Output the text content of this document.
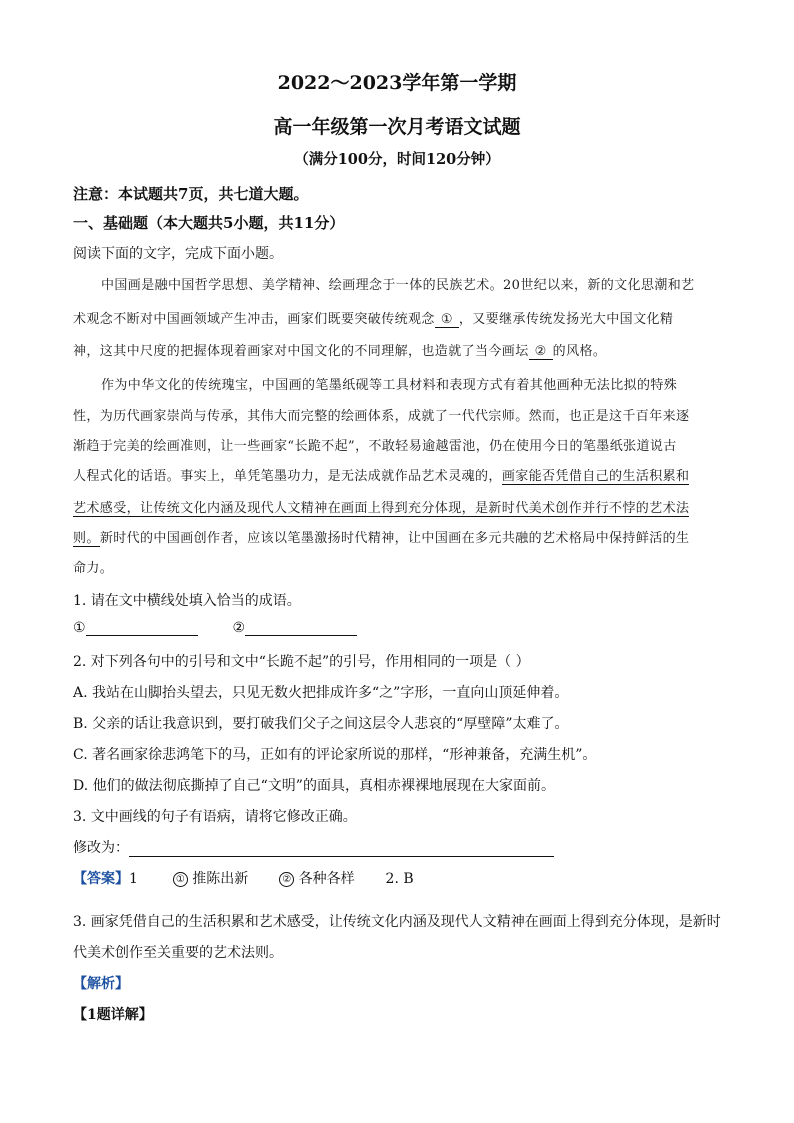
2022～2023学年第一学期
高一年级第一次月考语文试题
（满分100分，时间120分钟）
注意：本试题共7页，共七道大题。
一、基础题（本大题共5小题，共11分）
阅读下面的文字，完成下面小题。
中国画是融中国哲学思想、美学精神、绘画理念于一体的民族艺术。20世纪以来，新的文化思潮和艺
术观念不断对中国画领域产生冲击，画家们既要突破传统观念 ① ，又要继承传统发扬光大中国文化精
神，这其中尺度的把握体现着画家对中国文化的不同理解，也造就了当今画坛 ② 的风格。
作为中华文化的传统瑰宝，中国画的笔墨纸砚等工具材料和表现方式有着其他画种无法比拟的特殊
性，为历代画家崇尚与传承，其伟大而完整的绘画体系，成就了一代代宗师。然而，也正是这千百年来逐
渐趋于完美的绘画准则，让一些画家“长跪不起”，不敢轻易逾越雷池，仍在使用今日的笔墨纸张道说古
人程式化的话语。事实上，单凭笔墨功力，是无法成就作品艺术灵魂的，画家能否凭借自己的生活积累和
艺术感受，让传统文化内涵及现代人文精神在画面上得到充分体现，是新时代美术创作并行不悖的艺术法
则。新时代的中国画创作者，应该以笔墨激扬时代精神，让中国画在多元共融的艺术格局中保持鲜活的生
命力。
1. 请在文中横线处填入恰当的成语。
①	②
2. 对下列各句中的引号和文中“长跪不起”的引号，作用相同的一项是（ ）
A. 我站在山脚抬头望去，只见无数火把排成许多“之”字形，一直向山顶延伸着。
B. 父亲的话让我意识到，要打破我们父子之间这层令人悲哀的“厚壁障”太难了。
C. 著名画家徐悲鸿笔下的马，正如有的评论家所说的那样，“形神兼备，充满生机”。
D. 他们的做法彻底撕掉了自己“文明”的面具，真相赤裸裸地展现在大家面前。
3. 文中画线的句子有语病，请将它修改正确。
修改为：
【答案】1	① 推陈出新	② 各种各样 2. B
3. 画家凭借自己的生活积累和艺术感受，让传统文化内涵及现代人文精神在画面上得到充分体现，是新时
代美术创作至关重要的艺术法则。
【解析】
【1题详解】
